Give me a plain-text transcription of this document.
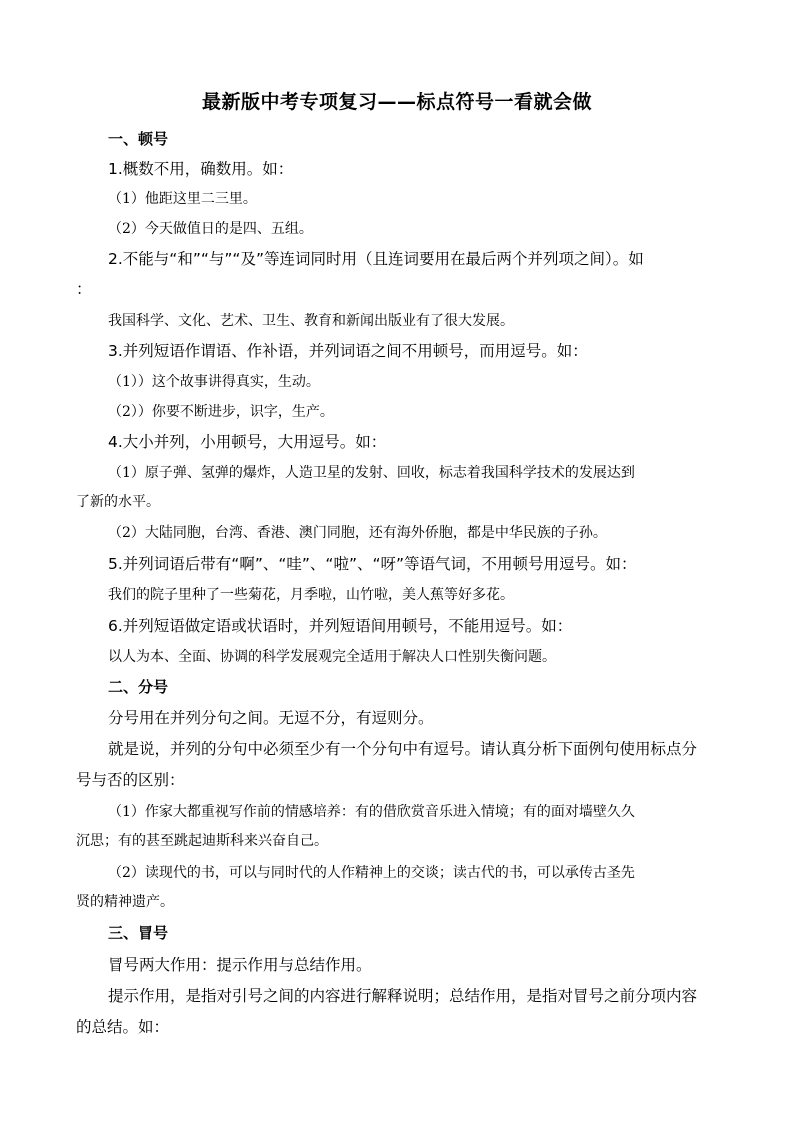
最新版中考专项复习——标点符号一看就会做
一、顿号
1.概数不用，确数用。如：
（1）他距这里二三里。
（2）今天做值日的是四、五组。
2.不能与“和”“与”“及”等连词同时用（且连词要用在最后两个并列项之间）。如
：
我国科学、文化、艺术、卫生、教育和新闻出版业有了很大发展。
3.并列短语作谓语、作补语，并列词语之间不用顿号，而用逗号。如：
（1））这个故事讲得真实，生动。
（2））你要不断进步，识字，生产。
4.大小并列，小用顿号，大用逗号。如：
（1）原子弹、氢弹的爆炸，人造卫星的发射、回收，标志着我国科学技术的发展达到
了新的水平。
（2）大陆同胞，台湾、香港、澳门同胞，还有海外侨胞，都是中华民族的子孙。
5.并列词语后带有“啊”、“哇”、“啦”、“呀”等语气词，不用顿号用逗号。如：
我们的院子里种了一些菊花，月季啦，山竹啦，美人蕉等好多花。
6.并列短语做定语或状语时，并列短语间用顿号，不能用逗号。如：
以人为本、全面、协调的科学发展观完全适用于解决人口性别失衡问题。
二、分号
分号用在并列分句之间。无逗不分，有逗则分。
就是说，并列的分句中必须至少有一个分句中有逗号。请认真分析下面例句使用标点分
号与否的区别：
（1）作家大都重视写作前的情感培养：有的借欣赏音乐进入情境；有的面对墙壁久久
沉思；有的甚至跳起迪斯科来兴奋自己。
（2）读现代的书，可以与同时代的人作精神上的交谈；读古代的书，可以承传古圣先
贤的精神遗产。
三、冒号
冒号两大作用：提示作用与总结作用。
提示作用，是指对引号之间的内容进行解释说明；总结作用，是指对冒号之前分项内容
的总结。如：
